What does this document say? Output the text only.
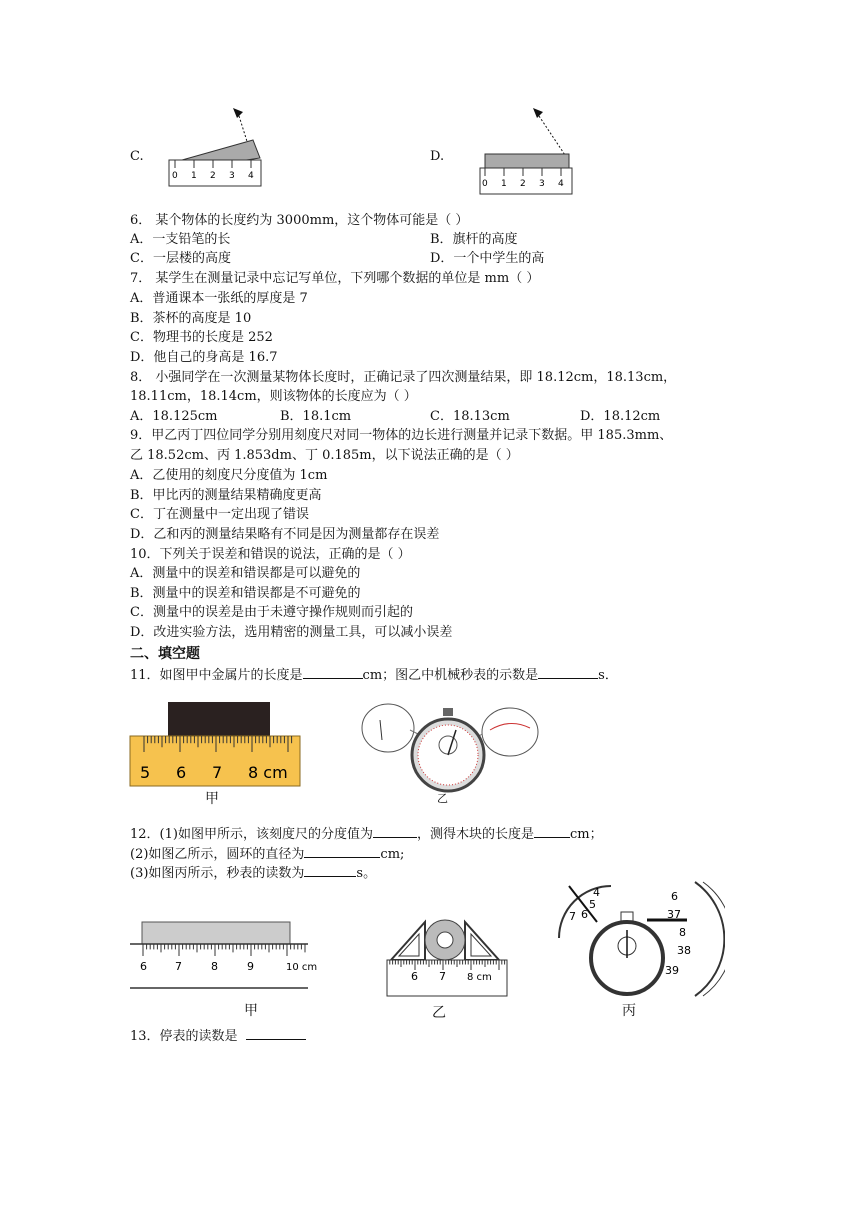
C.
0 1 2 3 4
D.
0 1 2 3 4
6． 某个物体的长度约为 3000mm，这个物体可能是（ ）
A．一支铅笔的长	B．旗杆的高度
C．一层楼的高度	D．一个中学生的高
7． 某学生在测量记录中忘记写单位，下列哪个数据的单位是 mm（ ）
A．普通课本一张纸的厚度是 7
B．茶杯的高度是 10
C．物理书的长度是 252
D．他自己的身高是 16.7
8． 小强同学在一次测量某物体长度时，正确记录了四次测量结果，即 18.12cm，18.13cm，
18.11cm，18.14cm，则该物体的长度应为（ ）
A．18.125cm	B．18.1cm	C．18.13cm	D．18.12cm
9．甲乙丙丁四位同学分别用刻度尺对同一物体的边长进行测量并记录下数据。甲 185.3mm、
乙 18.52cm、丙 1.853dm、丁 0.185m，以下说法正确的是（ ）
A．乙使用的刻度尺分度值为 1cm
B．甲比丙的测量结果精确度更高
C．丁在测量中一定出现了错误
D．乙和丙的测量结果略有不同是因为测量都存在误差
10．下列关于误差和错误的说法，正确的是（ ）
A．测量中的误差和错误都是可以避免的
B．测量中的误差和错误都是不可避免的
C．测量中的误差是由于未遵守操作规则而引起的
D．改进实验方法，选用精密的测量工具，可以减小误差
二、填空题
11．如图甲中金属片的长度是	cm；图乙中机械秒表的示数是	s．
5 6 7 8 cm
甲	乙
12．(1)如图甲所示，该刻度尺的分度值为	，测得木块的长度是	cm；
(2)如图乙所示，圆环的直径为	cm;
(3)如图丙所示，秒表的读数为	s。
6	7	8	9	10 cm
甲
6 7 8 cm
乙
4
5
6
7
6
37
8
38
39
丙
13．停表的读数是
